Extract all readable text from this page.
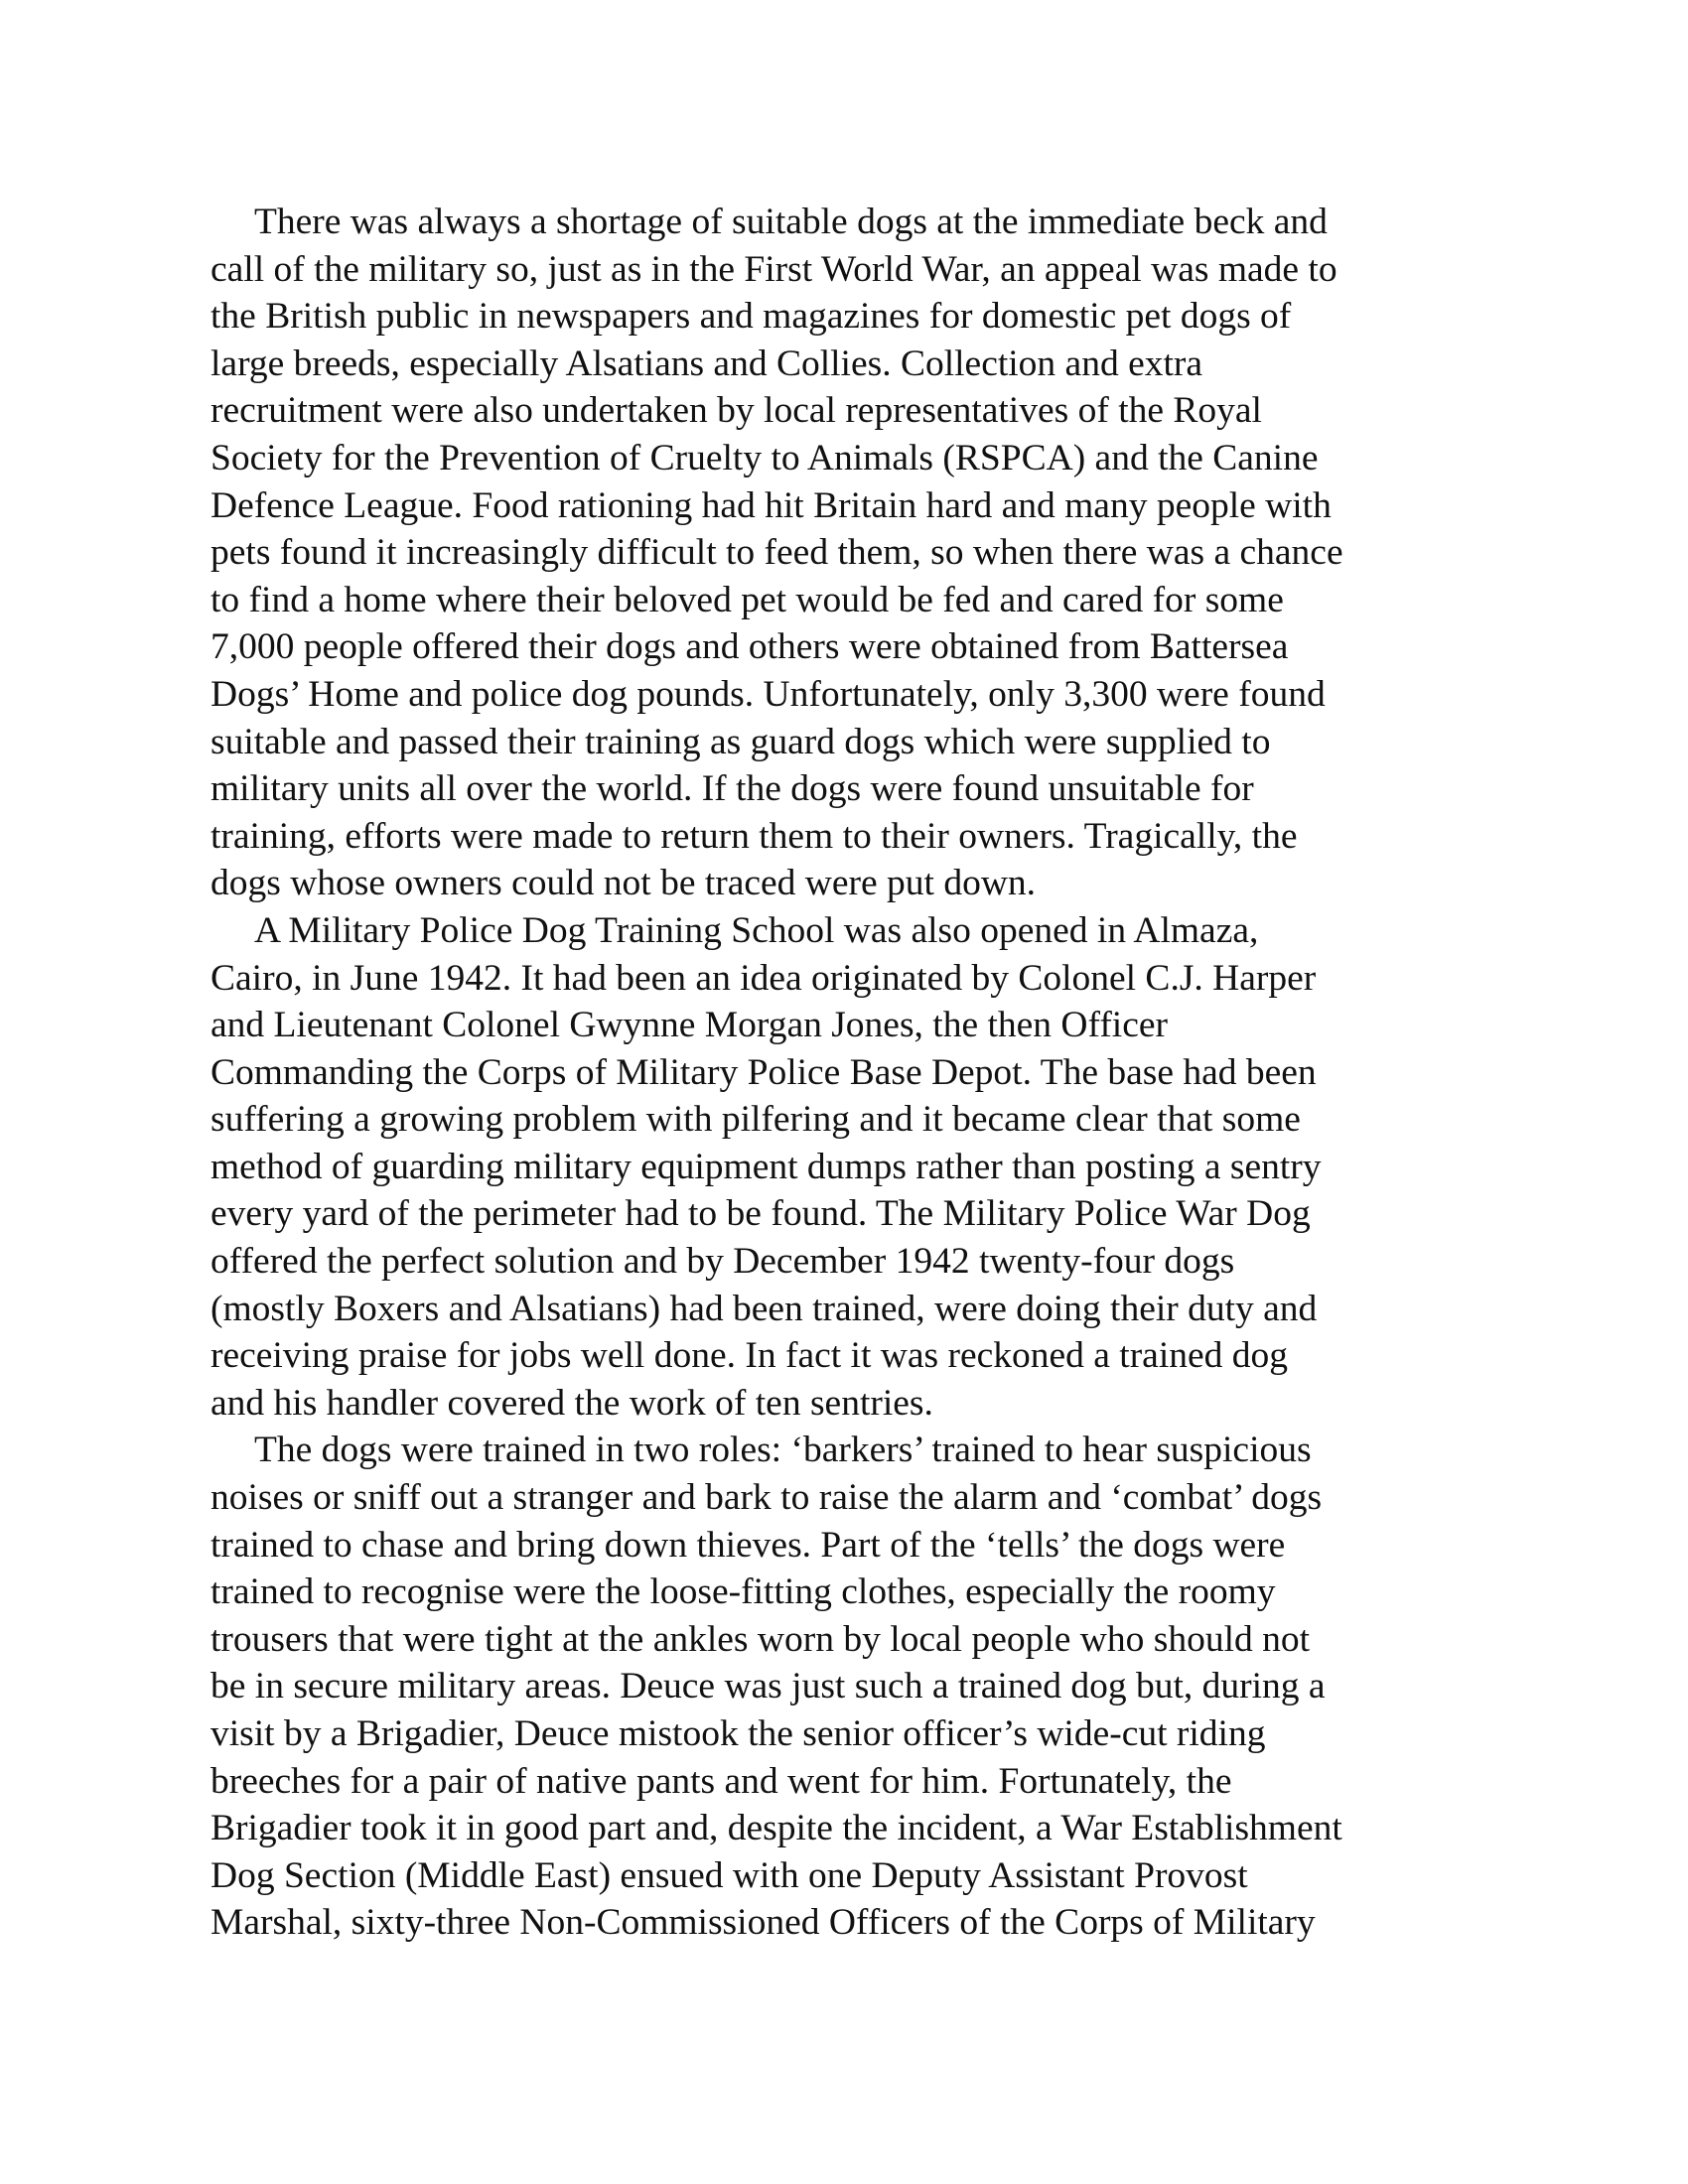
There was always a shortage of suitable dogs at the immediate beck and
call of the military so, just as in the First World War, an appeal was made to
the British public in newspapers and magazines for domestic pet dogs of
large breeds, especially Alsatians and Collies. Collection and extra
recruitment were also undertaken by local representatives of the Royal
Society for the Prevention of Cruelty to Animals (RSPCA) and the Canine
Defence League. Food rationing had hit Britain hard and many people with
pets found it increasingly difficult to feed them, so when there was a chance
to find a home where their beloved pet would be fed and cared for some
7,000 people offered their dogs and others were obtained from Battersea
Dogs’ Home and police dog pounds. Unfortunately, only 3,300 were found
suitable and passed their training as guard dogs which were supplied to
military units all over the world. If the dogs were found unsuitable for
training, efforts were made to return them to their owners. Tragically, the
dogs whose owners could not be traced were put down.

A Military Police Dog Training School was also opened in Almaza,
Cairo, in June 1942. It had been an idea originated by Colonel C.J. Harper
and Lieutenant Colonel Gwynne Morgan Jones, the then Officer
Commanding the Corps of Military Police Base Depot. The base had been
suffering a growing problem with pilfering and it became clear that some
method of guarding military equipment dumps rather than posting a sentry
every yard of the perimeter had to be found. The Military Police War Dog
offered the perfect solution and by December 1942 twenty-four dogs
(mostly Boxers and Alsatians) had been trained, were doing their duty and
receiving praise for jobs well done. In fact it was reckoned a trained dog
and his handler covered the work of ten sentries.

The dogs were trained in two roles: ‘barkers’ trained to hear suspicious
noises or sniff out a stranger and bark to raise the alarm and ‘combat’ dogs
trained to chase and bring down thieves. Part of the ‘tells’ the dogs were
trained to recognise were the loose-fitting clothes, especially the roomy
trousers that were tight at the ankles worn by local people who should not
be in secure military areas. Deuce was just such a trained dog but, during a
visit by a Brigadier, Deuce mistook the senior officer’s wide-cut riding
breeches for a pair of native pants and went for him. Fortunately, the
Brigadier took it in good part and, despite the incident, a War Establishment
Dog Section (Middle East) ensued with one Deputy Assistant Provost
Marshal, sixty-three Non-Commissioned Officers of the Corps of Military
